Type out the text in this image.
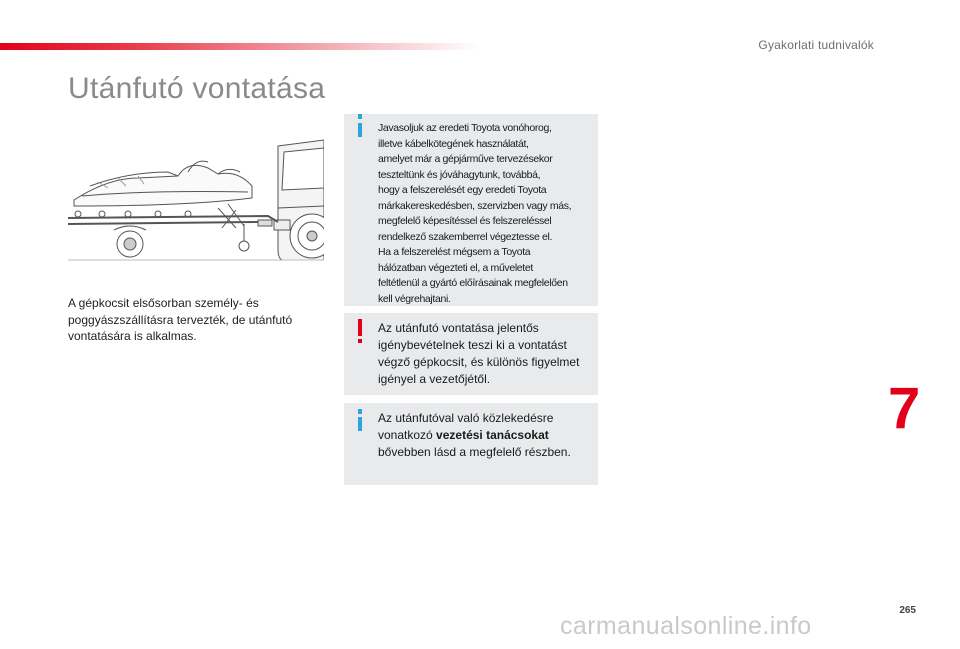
Gyakorlati tudnivalók
Utánfutó vontatása
A gépkocsit elsősorban személy- és poggyászszállításra tervezték, de utánfutó vontatására is alkalmas.
Javasoljuk az eredeti Toyota vonóhorog,
illetve kábelkötegének használatát,
amelyet már a gépjárműve tervezésekor
teszteltünk és jóváhagytunk, továbbá,
hogy a felszerelését egy eredeti Toyota
márkakereskedésben, szervizben vagy más,
megfelelő képesítéssel és felszereléssel
rendelkező szakemberrel végeztesse el.
Ha a felszerelést mégsem a Toyota
hálózatban végezteti el, a műveletet
feltétlenül a gyártó előírásainak megfelelően
kell végrehajtani.
Az utánfutó vontatása jelentős
igénybevételnek teszi ki a vontatást
végző gépkocsit, és különös figyelmet
igényel a vezetőjétől.
Az utánfutóval való közlekedésre
vonatkozó vezetési tanácsokat
bővebben lásd a megfelelő részben.
7
265
carmanualsonline.info
